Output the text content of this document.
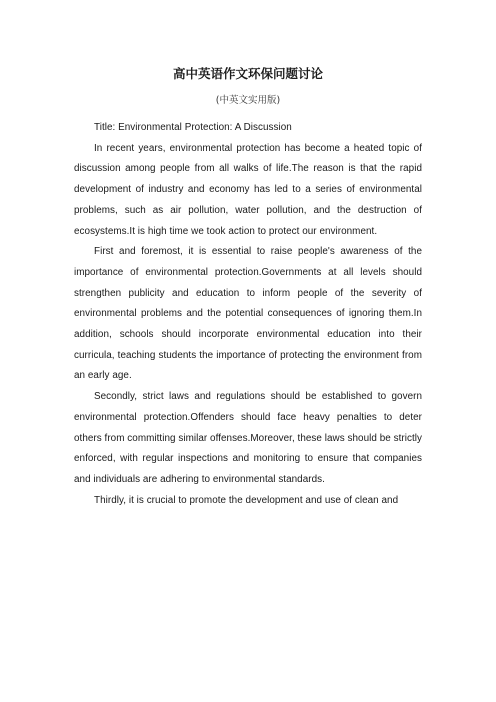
高中英语作文环保问题讨论
(中英文实用版)

Title: Environmental Protection: A Discussion

In recent years, environmental protection has become a heated topic of discussion among people from all walks of life.The reason is that the rapid development of industry and economy has led to a series of environmental problems, such as air pollution, water pollution, and the destruction of ecosystems.It is high time we took action to protect our environment.

First and foremost, it is essential to raise people's awareness of the importance of environmental protection.Governments at all levels should strengthen publicity and education to inform people of the severity of environmental problems and the potential consequences of ignoring them.In addition, schools should incorporate environmental education into their curricula, teaching students the importance of protecting the environment from an early age.

Secondly, strict laws and regulations should be established to govern environmental protection.Offenders should face heavy penalties to deter others from committing similar offenses.Moreover, these laws should be strictly enforced, with regular inspections and monitoring to ensure that companies and individuals are adhering to environmental standards.

Thirdly, it is crucial to promote the development and use of clean and
